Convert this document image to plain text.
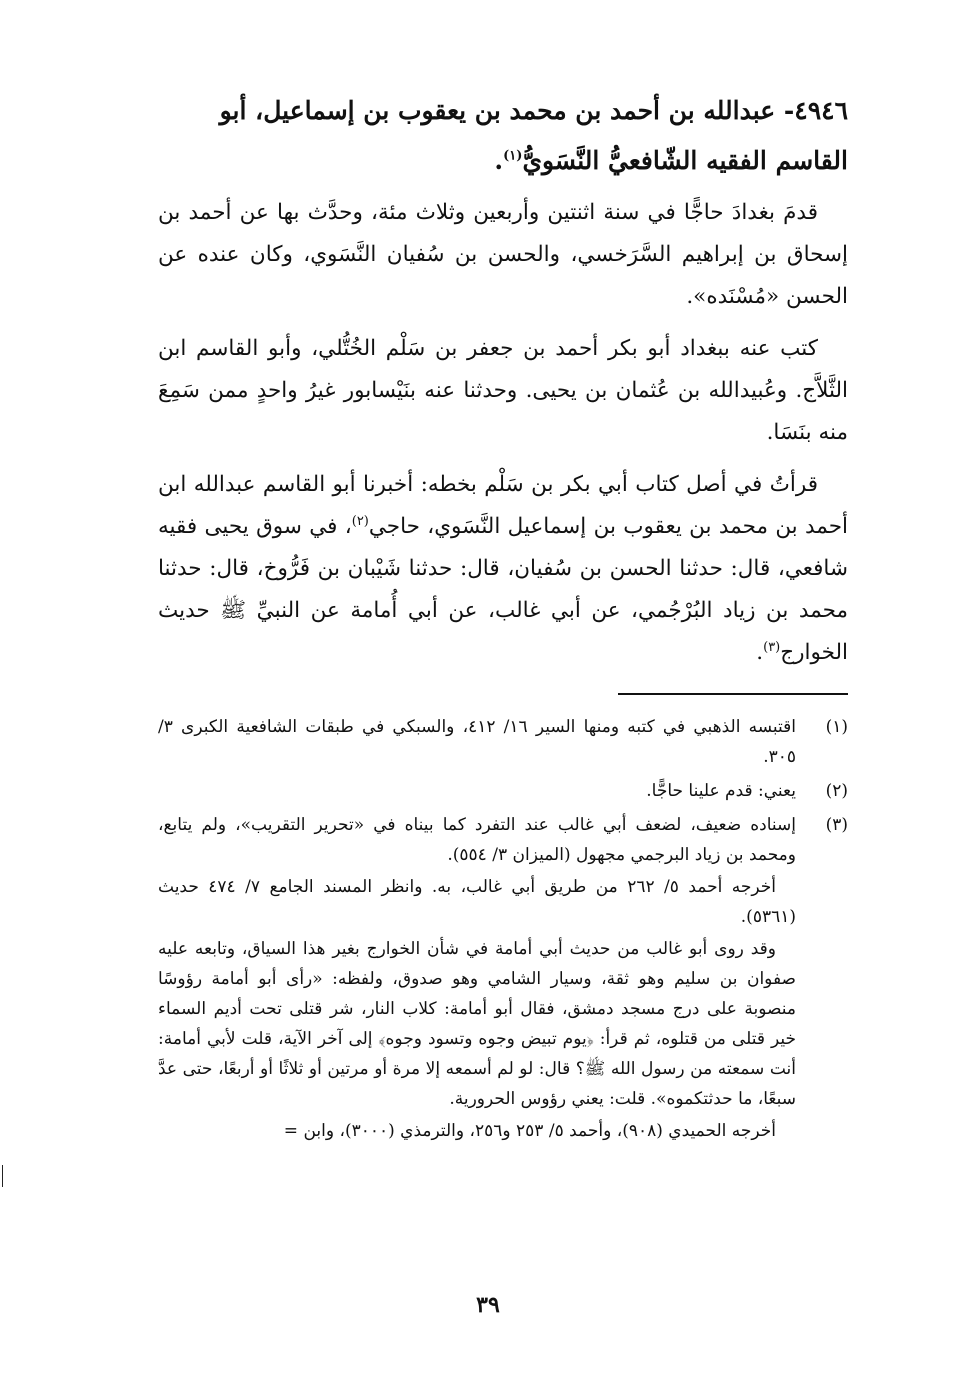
٤٩٤٦- عبدالله بن أحمد بن محمد بن يعقوب بن إسماعيل، أبو
القاسم الفقيه الشّافعيُّ النَّسَويُّ$^{(١)}$.

قدمَ بغدادَ حاجًّا في سنة اثنتين وأربعين وثلاث مئة، وحدَّث بها عن أحمد بن إسحاق بن إبراهيم السَّرَخسي، والحسن بن سُفيان النَّسَوي، وكان عنده عن الحسن «مُسْنَده».

كتب عنه ببغداد أبو بكر أحمد بن جعفر بن سَلْم الخُتُّلي، وأبو القاسم ابن الثَّلاَّج. وعُبيدالله بن عُثمان بن يحيى. وحدثنا عنه بنَيْسابور غيرُ واحدٍ ممن سَمِعَ منه بنَسَا.

قرأتُ في أصل كتاب أبي بكر بن سَلْم بخطه: أخبرنا أبو القاسم عبدالله ابن أحمد بن محمد بن يعقوب بن إسماعيل النَّسَوي، حاجي$^{(٢)}$، في سوق يحيى فقيه شافعي، قال: حدثنا الحسن بن سُفيان، قال: حدثنا شَيْبان بن فَرُّوخ، قال: حدثنا محمد بن زياد البُرْجُمي، عن أبي غالب، عن أبي أُمامة عن النبيِّ ﷺ حديث الخوارج$^{(٣)}$.

(١)

اقتبسه الذهبي في كتبه ومنها السير ١٦/ ٤١٢، والسبكي في طبقات الشافعية الكبرى ٣/ ٣٠٥.

(٢)

يعني: قدم علينا حاجًّا.

(٣)

إسناده ضعيف، لضعف أبي غالب عند التفرد كما بيناه في «تحرير التقريب»، ولم يتابع، ومحمد بن زياد البرجمي مجهول (الميزان ٣/ ٥٥٤).

أخرجه أحمد ٥/ ٢٦٢ من طريق أبي غالب، به. وانظر المسند الجامع ٧/ ٤٧٤ حديث (٥٣٦١).

وقد روى أبو غالب من حديث أبي أمامة في شأن الخوارج بغير هذا السياق، وتابعه عليه صفوان بن سليم وهو ثقة، وسيار الشامي وهو صدوق، ولفظه: «رأى أبو أمامة رؤوسًا منصوبة على درج مسجد دمشق، فقال أبو أمامة: كلاب النار، شر قتلى تحت أديم السماء خير قتلى من قتلوه، ثم قرأ: ﴿يوم تبيض وجوه وتسود وجوه﴾ إلى آخر الآية، قلت لأبي أمامة: أنت سمعته من رسول الله ﷺ؟ قال: لو لم أسمعه إلا مرة أو مرتين أو ثلاثًا أو أربعًا، حتى عدَّ سبعًا، ما حدثتكموه». قلت: يعني رؤوس الحرورية.

أخرجه الحميدي (٩٠٨)، وأحمد ٥/ ٢٥٣ و٢٥٦، والترمذي (٣٠٠٠)، وابن =

٣٩
